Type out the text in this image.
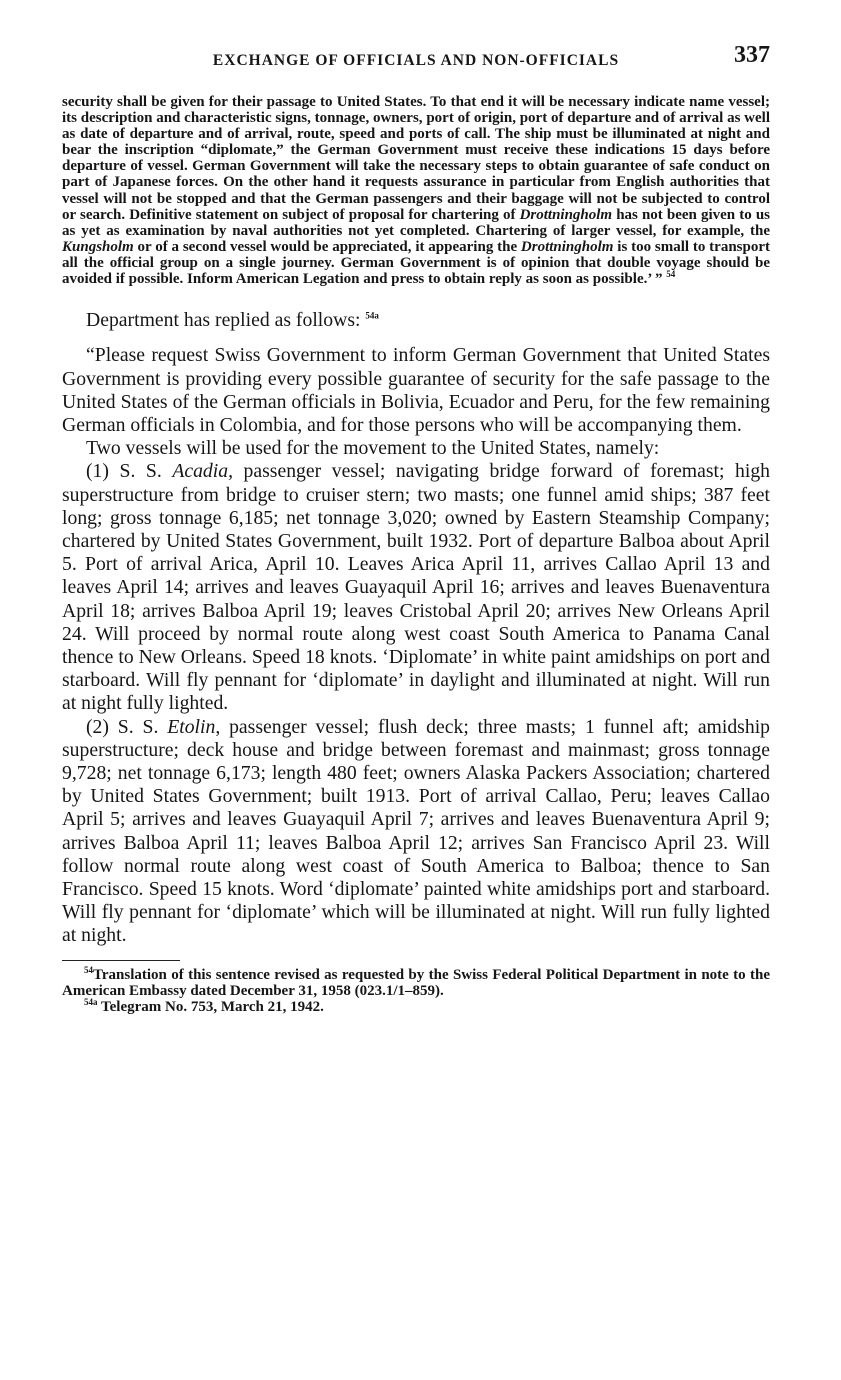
EXCHANGE OF OFFICIALS AND NON-OFFICIALS	337
security shall be given for their passage to United States. To that end it will be necessary indicate name vessel; its description and characteristic signs, tonnage, owners, port of origin, port of departure and of arrival as well as date of departure and of arrival, route, speed and ports of call. The ship must be illuminated at night and bear the inscription “diplomate,” the German Government must receive these indications 15 days before departure of vessel. German Government will take the necessary steps to obtain guarantee of safe conduct on part of Japanese forces. On the other hand it requests assurance in particular from English authorities that vessel will not be stopped and that the German passengers and their baggage will not be subjected to control or search. Definitive statement on subject of proposal for chartering of Drottningholm has not been given to us as yet as examination by naval authorities not yet completed. Chartering of larger vessel, for example, the Kungsholm or of a second vessel would be appreciated, it appearing the Drottningholm is too small to transport all the official group on a single journey. German Government is of opinion that double voyage should be avoided if possible. Inform American Legation and press to obtain reply as soon as possible.’ ” $^{54}$

Department has replied as follows: $^{54a}$

“Please request Swiss Government to inform German Government that United States Government is providing every possible guarantee of security for the safe passage to the United States of the German officials in Bolivia, Ecuador and Peru, for the few remaining German officials in Colombia, and for those persons who will be accompanying them.

Two vessels will be used for the movement to the United States, namely:

(1) S. S. Acadia, passenger vessel; navigating bridge forward of foremast; high superstructure from bridge to cruiser stern; two masts; one funnel amid ships; 387 feet long; gross tonnage 6,185; net tonnage 3,020; owned by Eastern Steamship Company; chartered by United States Government, built 1932. Port of departure Balboa about April 5. Port of arrival Arica, April 10. Leaves Arica April 11, arrives Callao April 13 and leaves April 14; arrives and leaves Guayaquil April 16; arrives and leaves Buenaventura April 18; arrives Balboa April 19; leaves Cristobal April 20; arrives New Orleans April 24. Will proceed by normal route along west coast South America to Panama Canal thence to New Orleans. Speed 18 knots. ‘Diplomate’ in white paint amidships on port and starboard. Will fly pennant for ‘diplomate’ in daylight and illuminated at night. Will run at night fully lighted.

(2) S. S. Etolin, passenger vessel; flush deck; three masts; 1 funnel aft; amidship superstructure; deck house and bridge between foremast and mainmast; gross tonnage 9,728; net tonnage 6,173; length 480 feet; owners Alaska Packers Association; chartered by United States Government; built 1913. Port of arrival Callao, Peru; leaves Callao April 5; arrives and leaves Guayaquil April 7; arrives and leaves Buenaventura April 9; arrives Balboa April 11; leaves Balboa April 12; arrives San Francisco April 23. Will follow normal route along west coast of South America to Balboa; thence to San Francisco. Speed 15 knots. Word ‘diplomate’ painted white amidships port and starboard. Will fly pennant for ‘diplomate’ which will be illuminated at night. Will run fully lighted at night.

$^{54}$Translation of this sentence revised as requested by the Swiss Federal Political Department in note to the American Embassy dated December 31, 1958 (023.1/1–859).

$^{54a}$ Telegram No. 753, March 21, 1942.
